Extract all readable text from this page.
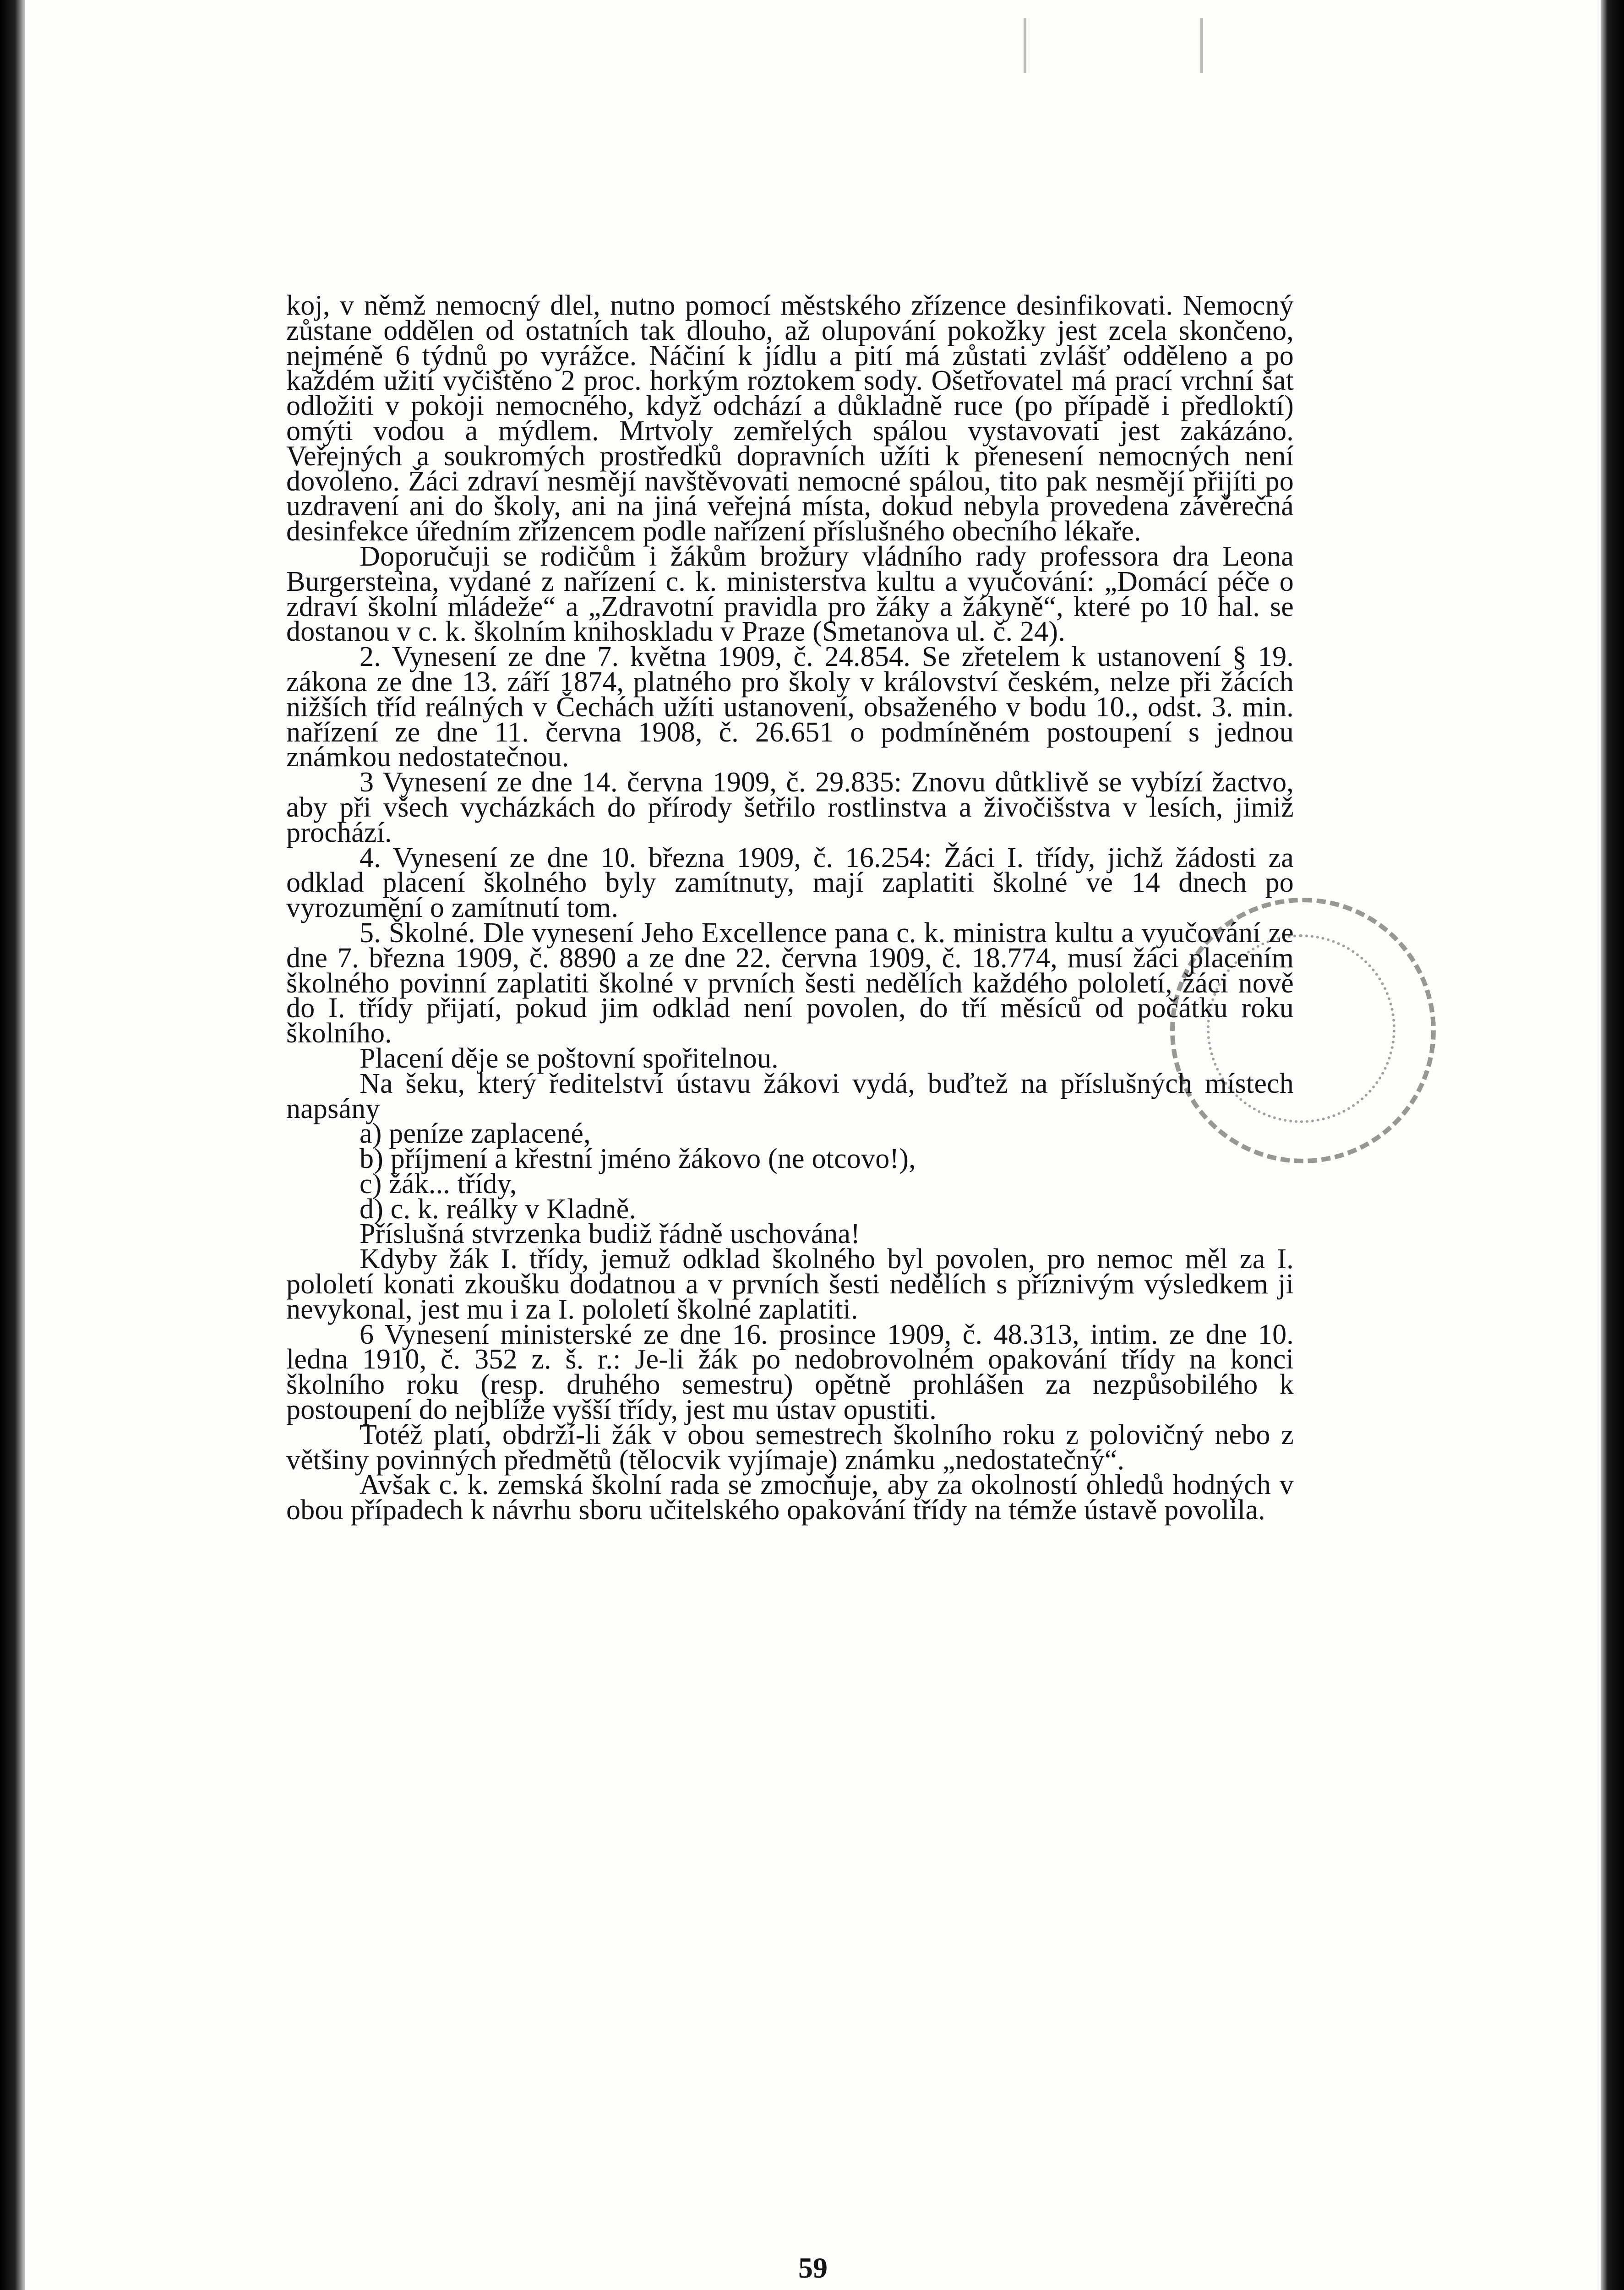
koj, v němž nemocný dlel, nutno pomocí městského zřízence desinfikovati. Nemocný zůstane oddělen od ostatních tak dlouho, až olupování pokožky jest zcela skončeno, nejméně 6 týdnů po vyrážce. Náčiní k jídlu a pití má zůstati zvlášť odděleno a po každém užití vyčištěno 2 proc. horkým roztokem sody. Ošetřovatel má prací vrchní šat odložiti v pokoji nemocného, když odchází a důkladně ruce (po případě i předloktí) omýti vodou a mýdlem. Mrtvoly zemřelých spálou vystavovati jest zakázáno. Veřejných a soukromých prostředků dopravních užíti k přenesení nemocných není dovoleno. Žáci zdraví nesmějí navštěvovati nemocné spálou, tito pak nesmějí přijíti po uzdravení ani do školy, ani na jiná veřejná místa, dokud nebyla provedena závěrečná desinfekce úředním zřízencem podle nařízení příslušného obecního lékaře.

Doporučuji se rodičům i žákům brožury vládního rady professora dra Leona Burgersteina, vydané z nařízení c. k. ministerstva kultu a vyučování: „Domácí péče o zdraví školní mládeže“ a „Zdravotní pravidla pro žáky a žákyně“, které po 10 hal. se dostanou v c. k. školním knihoskladu v Praze (Smetanova ul. č. 24).

2. Vynesení ze dne 7. května 1909, č. 24.854. Se zřetelem k ustanovení § 19. zákona ze dne 13. září 1874, platného pro školy v království českém, nelze při žácích nižších tříd reálných v Čechách užíti ustanovení, obsaženého v bodu 10., odst. 3. min. nařízení ze dne 11. června 1908, č. 26.651 o podmíněném postoupení s jednou známkou nedostatečnou.

3 Vynesení ze dne 14. června 1909, č. 29.835: Znovu důtklivě se vybízí žactvo, aby při všech vycházkách do přírody šetřilo rostlinstva a živočišstva v lesích, jimiž prochází.

4. Vynesení ze dne 10. března 1909, č. 16.254: Žáci I. třídy, jichž žádosti za odklad placení školného byly zamítnuty, mají zaplatiti školné ve 14 dnech po vyrozumění o zamítnutí tom.

5. Školné. Dle vynesení Jeho Excellence pana c. k. ministra kultu a vyučování ze dne 7. března 1909, č. 8890 a ze dne 22. června 1909, č. 18.774, musí žáci placením školného povinní zaplatiti školné v prvních šesti nedělích každého pololetí, žáci nově do I. třídy přijatí, pokud jim odklad není povolen, do tří měsíců od počátku roku školního.

Placení děje se poštovní spořitelnou.

Na šeku, který ředitelství ústavu žákovi vydá, buďtež na příslušných místech napsány

a) peníze zaplacené,

b) příjmení a křestní jméno žákovo (ne otcovo!),

c) žák... třídy,

d) c. k. reálky v Kladně.

Příslušná stvrzenka budiž řádně uschována!

Kdyby žák I. třídy, jemuž odklad školného byl povolen, pro nemoc měl za I. pololetí konati zkoušku dodatnou a v prvních šesti nedělích s příznivým výsledkem ji nevykonal, jest mu i za I. pololetí školné zaplatiti.

6 Vynesení ministerské ze dne 16. prosince 1909, č. 48.313, intim. ze dne 10. ledna 1910, č. 352 z. š. r.: Je-li žák po nedobrovolném opakování třídy na konci školního roku (resp. druhého semestru) opětně prohlášen za nezpůsobilého k postoupení do nejblíže vyšší třídy, jest mu ústav opustiti.

Totéž platí, obdrží-li žák v obou semestrech školního roku z polovičný nebo z většiny povinných předmětů (tělocvik vyjímaje) známku „nedostatečný“.

Avšak c. k. zemská školní rada se zmocňuje, aby za okolností ohledů hodných v obou případech k návrhu sboru učitelského opakování třídy na témže ústavě povolila.

59
